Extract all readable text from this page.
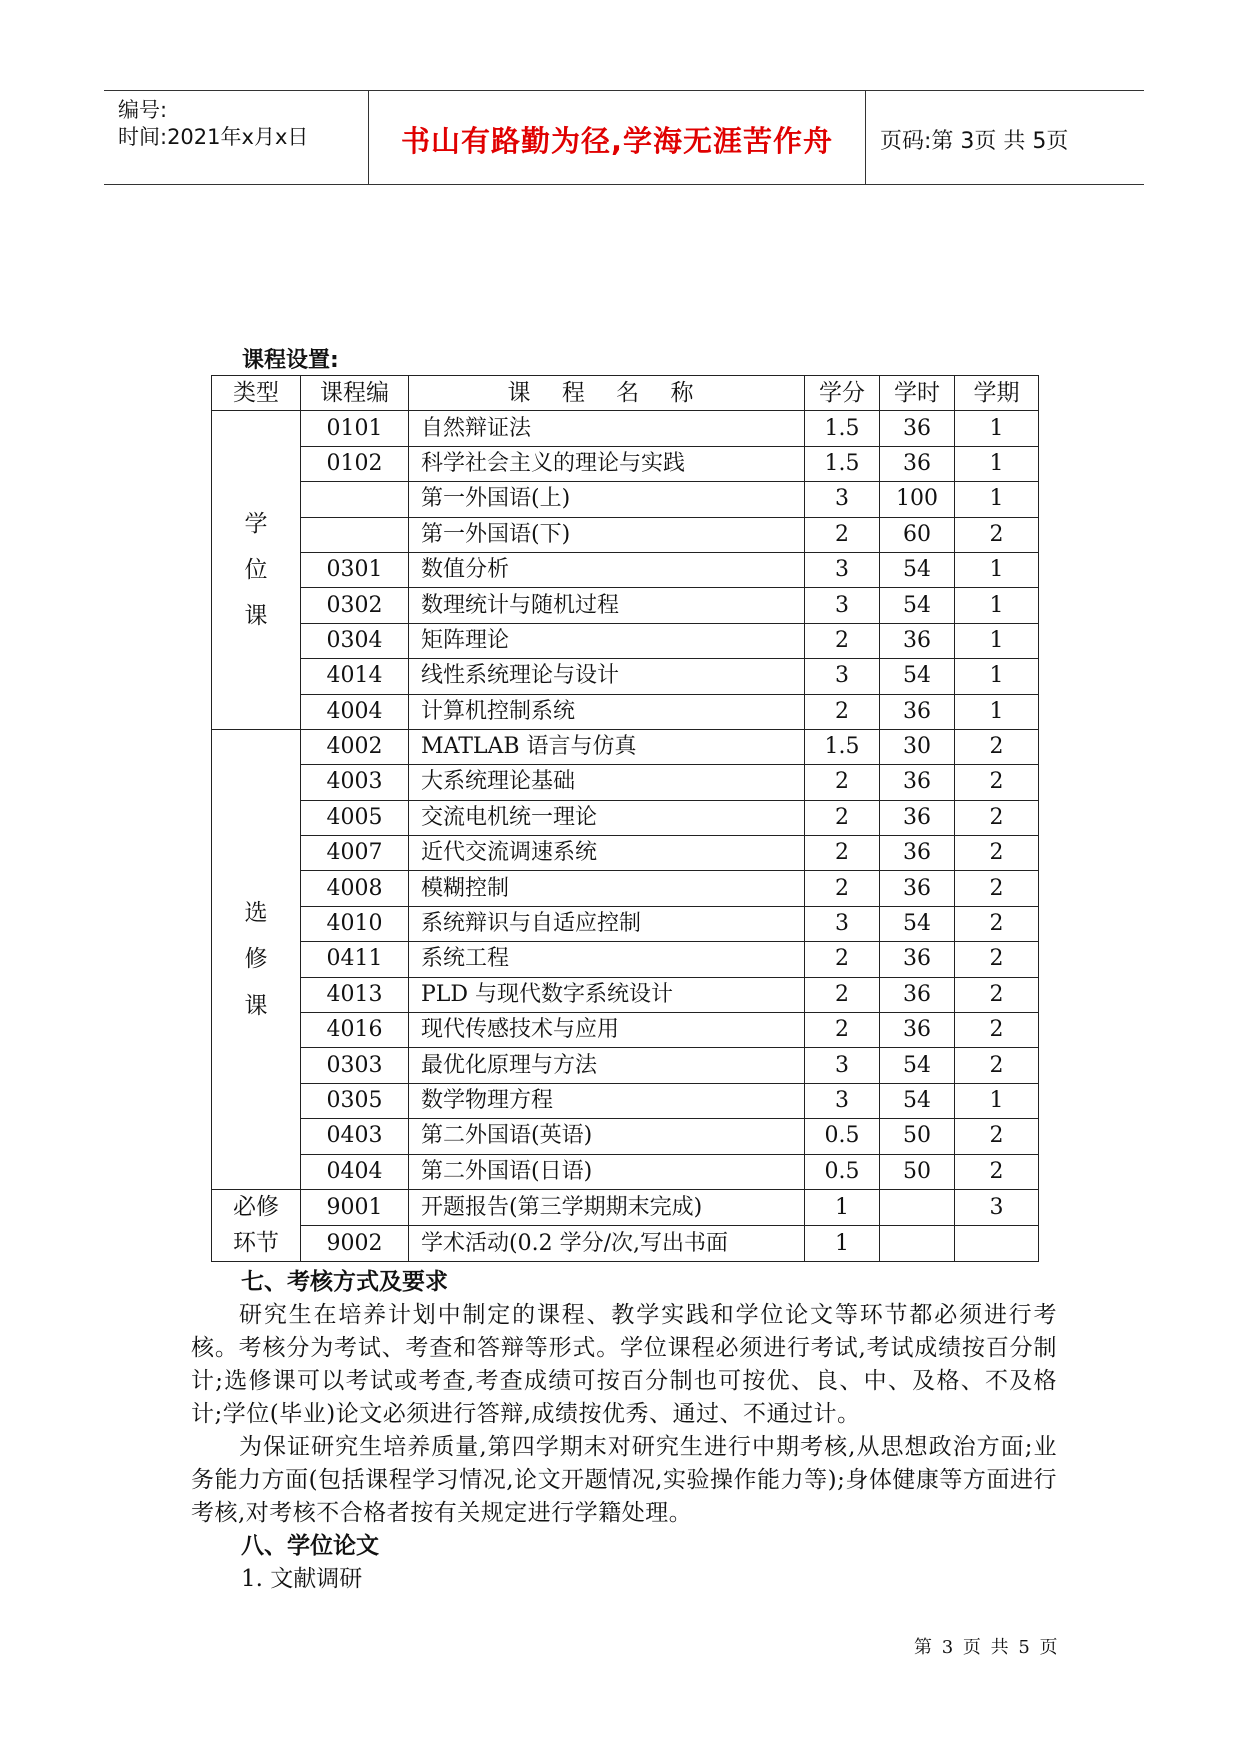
编号:
时间:2021年x月x日	书山有路勤为径,学海无涯苦作舟	页码:第 3页 共 5页
课程设置:
类型	课程编	课 程 名 称	学分	学时	学期

学
位
课	0101	自然辩证法	1.5	36	1
	0102	科学社会主义的理论与实践	1.5	36	1
		第一外国语(上)	3	100	1
		第一外国语(下)	2	60	2
	0301	数值分析	3	54	1
	0302	数理统计与随机过程	3	54	1
	0304	矩阵理论	2	36	1
	4014	线性系统理论与设计	3	54	1
	4004	计算机控制系统	2	36	1

选
修
课	4002	MATLAB 语言与仿真	1.5	30	2
	4003	大系统理论基础	2	36	2
	4005	交流电机统一理论	2	36	2
	4007	近代交流调速系统	2	36	2
	4008	模糊控制	2	36	2
	4010	系统辩识与自适应控制	3	54	2
	0411	系统工程	2	36	2
	4013	PLD 与现代数字系统设计	2	36	2
	4016	现代传感技术与应用	2	36	2
	0303	最优化原理与方法	3	54	2
	0305	数学物理方程	3	54	1
	0403	第二外国语(英语)	0.5	50	2
	0404	第二外国语(日语)	0.5	50	2

必修
环节	9001	开题报告(第三学期期末完成)	1		3
	9002	学术活动(0.2 学分/次,写出书面	1		
七、考核方式及要求
研究生在培养计划中制定的课程、教学实践和学位论文等环节都必须进行考核。考核分为考试、考查和答辩等形式。学位课程必须进行考试,考试成绩按百分制计;选修课可以考试或考查,考查成绩可按百分制也可按优、良、中、及格、不及格计;学位(毕业)论文必须进行答辩,成绩按优秀、通过、不通过计。
为保证研究生培养质量,第四学期末对研究生进行中期考核,从思想政治方面;业务能力方面(包括课程学习情况,论文开题情况,实验操作能力等);身体健康等方面进行考核,对考核不合格者按有关规定进行学籍处理。
八、学位论文
1. 文献调研
第 3 页 共 5 页
